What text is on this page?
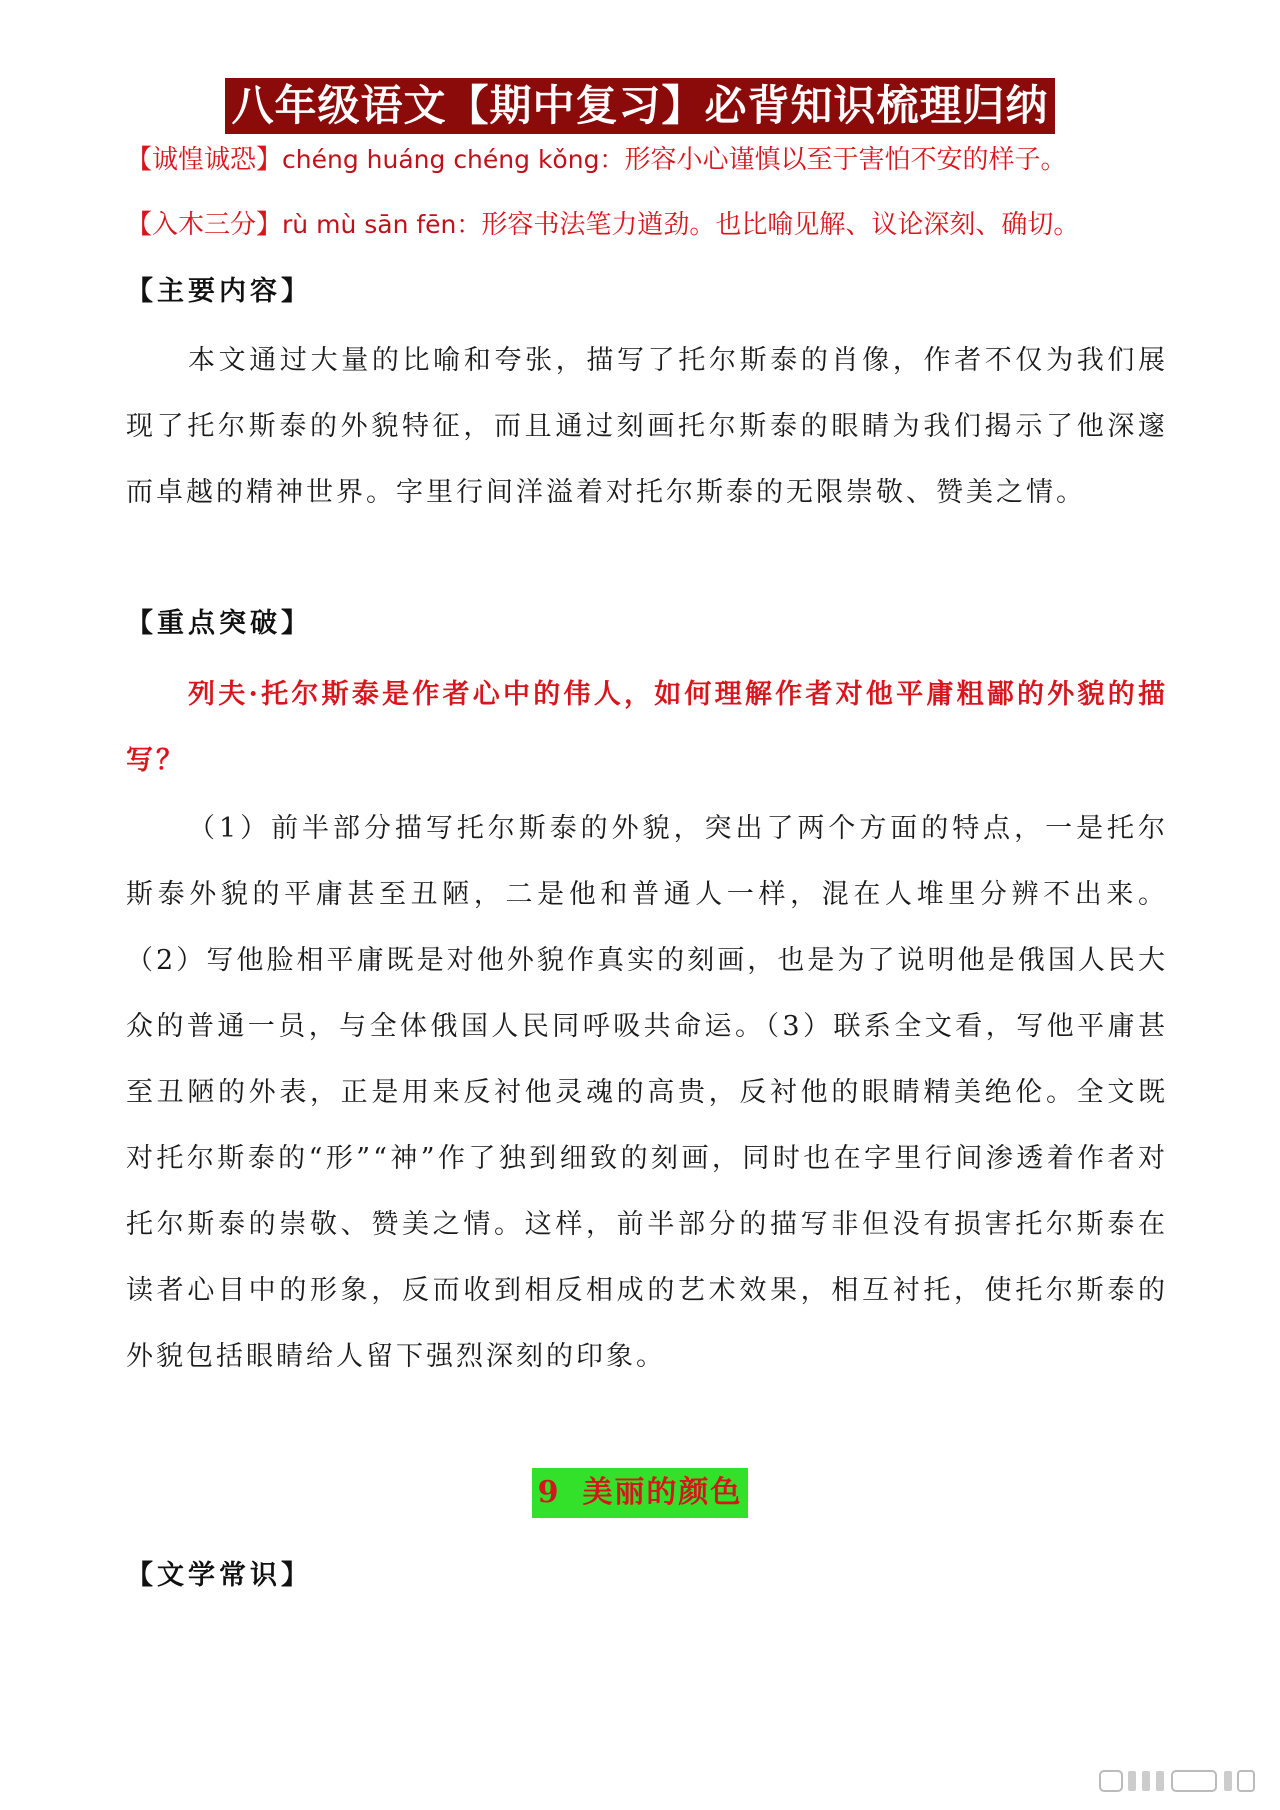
八年级语文【期中复习】必背知识梳理归纳
【诚惶诚恐】chéng huáng chéng kǒng：形容小心谨慎以至于害怕不安的样子。
【入木三分】rù mù sān fēn：形容书法笔力遒劲。也比喻见解、议论深刻、确切。
【主要内容】
本文通过大量的比喻和夸张，描写了托尔斯泰的肖像，作者不仅为我们展现了托尔斯泰的外貌特征，而且通过刻画托尔斯泰的眼睛为我们揭示了他深邃而卓越的精神世界。字里行间洋溢着对托尔斯泰的无限崇敬、赞美之情。
【重点突破】
列夫·托尔斯泰是作者心中的伟人，如何理解作者对他平庸粗鄙的外貌的描写？
（1）前半部分描写托尔斯泰的外貌，突出了两个方面的特点，一是托尔斯泰外貌的平庸甚至丑陋，二是他和普通人一样，混在人堆里分辨不出来。（2）写他脸相平庸既是对他外貌作真实的刻画，也是为了说明他是俄国人民大众的普通一员，与全体俄国人民同呼吸共命运。（3）联系全文看，写他平庸甚至丑陋的外表，正是用来反衬他灵魂的高贵，反衬他的眼睛精美绝伦。全文既对托尔斯泰的“形”“神”作了独到细致的刻画，同时也在字里行间渗透着作者对托尔斯泰的崇敬、赞美之情。这样，前半部分的描写非但没有损害托尔斯泰在读者心目中的形象，反而收到相反相成的艺术效果，相互衬托，使托尔斯泰的外貌包括眼睛给人留下强烈深刻的印象。
9 美丽的颜色
【文学常识】
